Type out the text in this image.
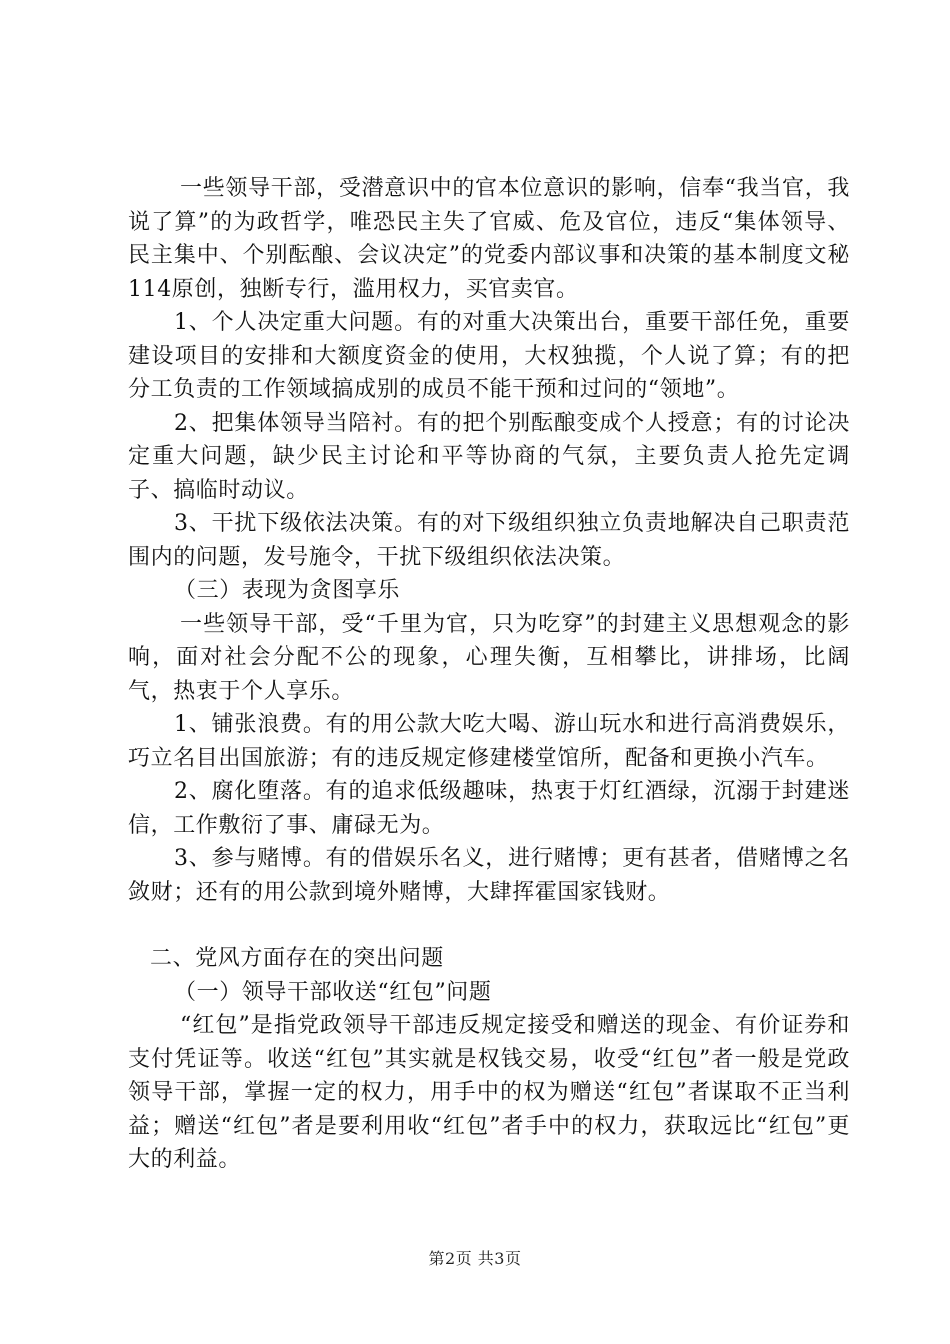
一些领导干部，受潜意识中的官本位意识的影响，信奉“我当官，我说了算”的为政哲学，唯恐民主失了官威、危及官位，违反“集体领导、民主集中、个别酝酿、会议决定”的党委内部议事和决策的基本制度文秘114原创，独断专行，滥用权力，买官卖官。

1、个人决定重大问题。有的对重大决策出台，重要干部任免，重要建设项目的安排和大额度资金的使用，大权独揽，个人说了算；有的把分工负责的工作领域搞成别的成员不能干预和过问的“领地”。

2、把集体领导当陪衬。有的把个别酝酿变成个人授意；有的讨论决定重大问题，缺少民主讨论和平等协商的气氛，主要负责人抢先定调子、搞临时动议。

3、干扰下级依法决策。有的对下级组织独立负责地解决自己职责范围内的问题，发号施令，干扰下级组织依法决策。

（三）表现为贪图享乐

一些领导干部，受“千里为官，只为吃穿”的封建主义思想观念的影响，面对社会分配不公的现象，心理失衡，互相攀比，讲排场，比阔气，热衷于个人享乐。

1、铺张浪费。有的用公款大吃大喝、游山玩水和进行高消费娱乐，巧立名目出国旅游；有的违反规定修建楼堂馆所，配备和更换小汽车。

2、腐化堕落。有的追求低级趣味，热衷于灯红酒绿，沉溺于封建迷信，工作敷衍了事、庸碌无为。

3、参与赌博。有的借娱乐名义，进行赌博；更有甚者，借赌博之名敛财；还有的用公款到境外赌博，大肆挥霍国家钱财。

二、党风方面存在的突出问题

（一）领导干部收送“红包”问题

“红包”是指党政领导干部违反规定接受和赠送的现金、有价证券和支付凭证等。收送“红包”其实就是权钱交易，收受“红包”者一般是党政领导干部，掌握一定的权力，用手中的权为赠送“红包”者谋取不正当利益；赠送“红包”者是要利用收“红包”者手中的权力，获取远比“红包”更大的利益。

第2页 共3页
